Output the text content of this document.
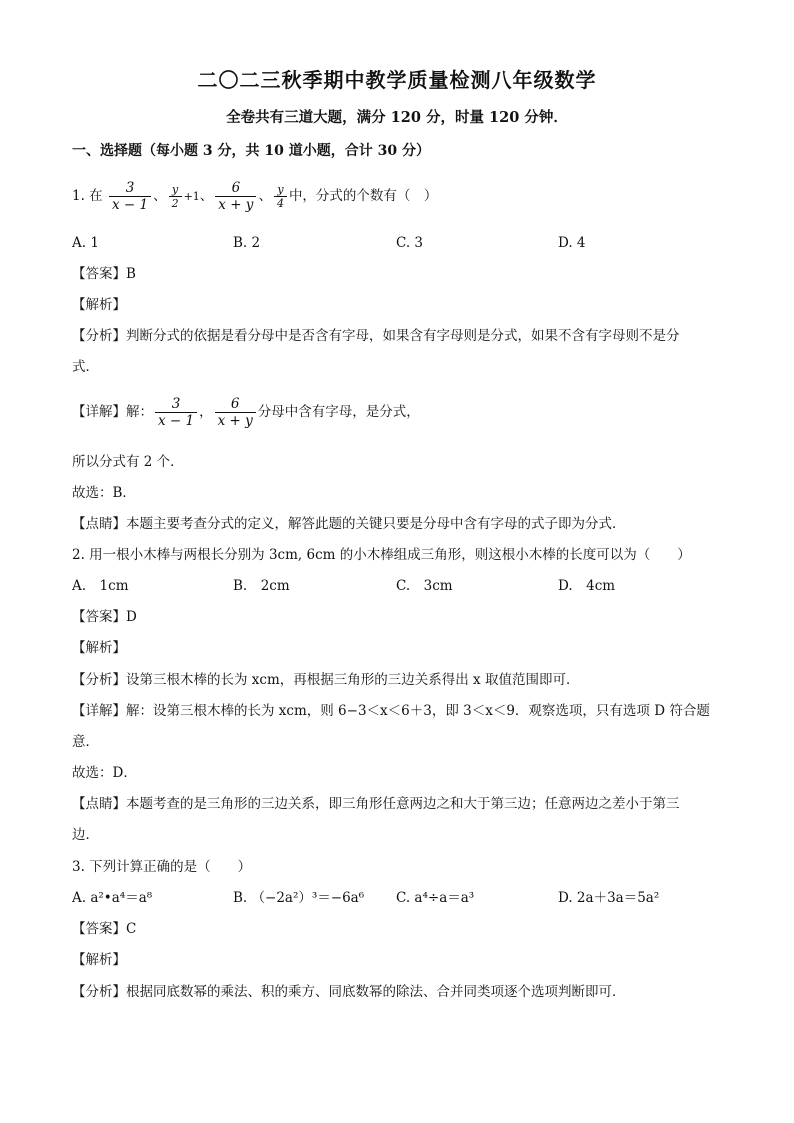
二〇二三秋季期中教学质量检测八年级数学
全卷共有三道大题，满分 120 分，时量 120 分钟．
一、选择题（每小题 3 分，共 10 道小题，合计 30 分）
1. 在 $\frac{3}{x - 1}$ 、 $\frac{y}{2} +1$、 $\frac{6}{x + y}$ 、 $\frac{y}{4}$ 中，分式的个数有（　）
A. 1	B. 2	C. 3	D. 4
【答案】B
【解析】
【分析】判断分式的依据是看分母中是否含有字母，如果含有字母则是分式，如果不含有字母则不是分
式．
【详解】解： $\frac{3}{x - 1}$ ， $\frac{6}{x + y}$ 分母中含有字母，是分式，
所以分式有 2 个．
故选：B．
【点睛】本题主要考查分式的定义，解答此题的关键只要是分母中含有字母的式子即为分式．
2. 用一根小木棒与两根长分别为 3cm, 6cm 的小木棒组成三角形，则这根小木棒的长度可以为（　　）
A.　1cm	B.　2cm	C.　3cm	D.　4cm
【答案】D
【解析】
【分析】设第三根木棒的长为 xcm，再根据三角形的三边关系得出 x 取值范围即可．
【详解】解：设第三根木棒的长为 xcm，则 6−3＜x＜6＋3，即 3＜x＜9．观察选项，只有选项 D 符合题
意．
故选：D．
【点睛】本题考查的是三角形的三边关系，即三角形任意两边之和大于第三边；任意两边之差小于第三
边．
3. 下列计算正确的是（　　）
A. a²•a⁴＝a⁸	B. （−2a²）³＝−6a⁶ C. a⁴÷a＝a³	D. 2a＋3a＝5a²
【答案】C
【解析】
【分析】根据同底数幂的乘法、积的乘方、同底数幂的除法、合并同类项逐个选项判断即可．
